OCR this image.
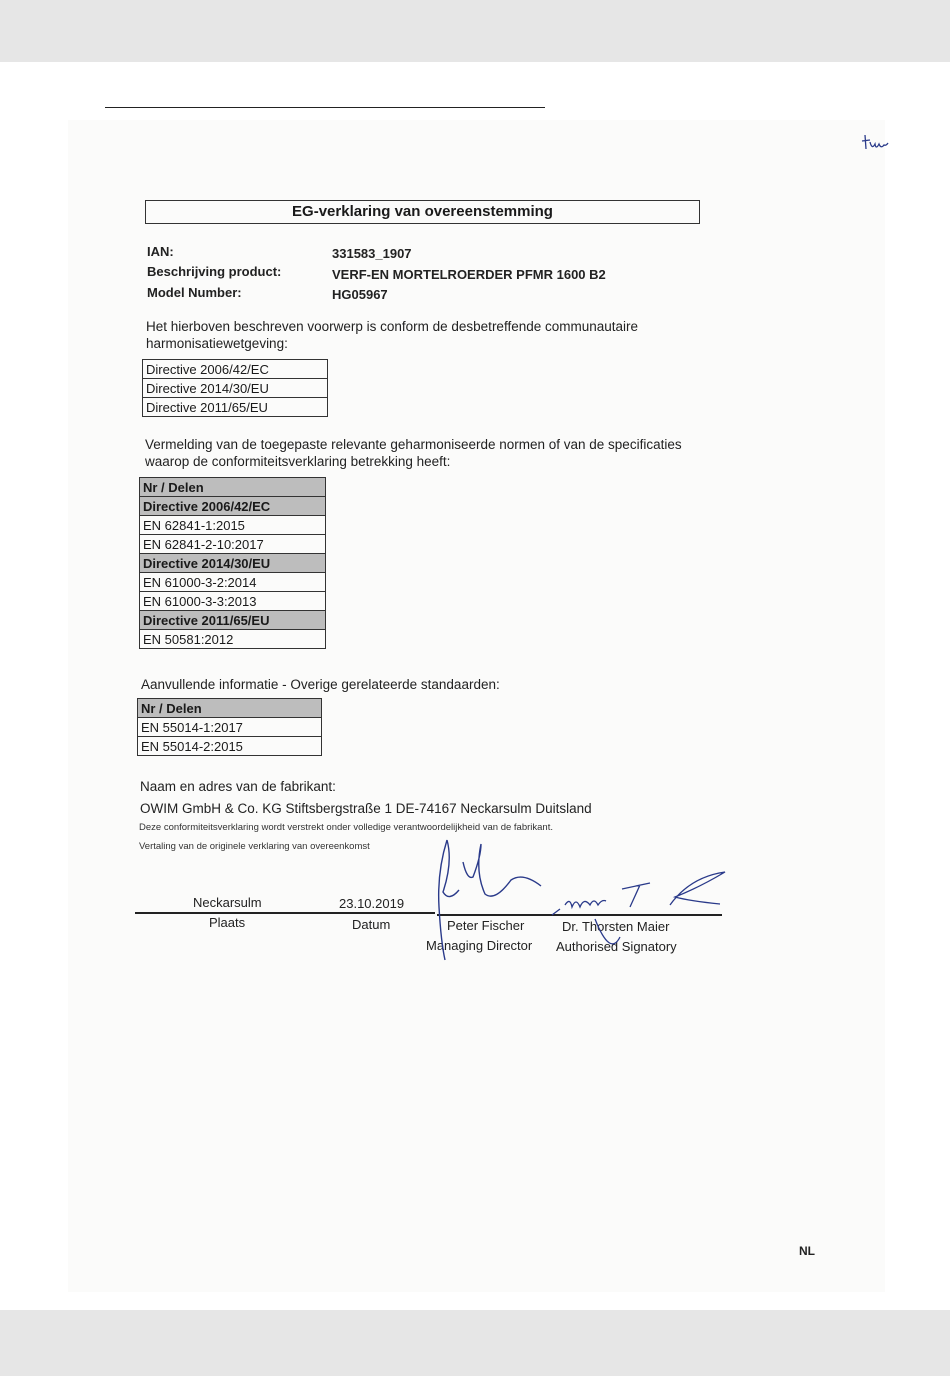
EG-verklaring van overeenstemming
IAN:	331583_1907
Beschrijving product:	VERF-EN MORTELROERDER PFMR 1600 B2
Model Number:	HG05967
Het hierboven beschreven voorwerp is conform de desbetreffende communautaire
harmonisatiewetgeving:
Directive 2006/42/EC
Directive 2014/30/EU
Directive 2011/65/EU
Vermelding van de toegepaste relevante geharmoniseerde normen of van de specificaties
waarop de conformiteitsverklaring betrekking heeft:
Nr / Delen
Directive 2006/42/EC
EN 62841-1:2015
EN 62841-2-10:2017
Directive 2014/30/EU
EN 61000-3-2:2014
EN 61000-3-3:2013
Directive 2011/65/EU
EN 50581:2012
Aanvullende informatie - Overige gerelateerde standaarden:
Nr / Delen
EN 55014-1:2017
EN 55014-2:2015
Naam en adres van de fabrikant:
OWIM GmbH & Co. KG Stiftsbergstraße 1 DE-74167 Neckarsulm Duitsland
Deze conformiteitsverklaring wordt verstrekt onder volledige verantwoordelijkheid van de fabrikant.
Vertaling van de originele verklaring van overeenkomst
Neckarsulm	23.10.2019
Plaats	Datum	Peter Fischer
Managing Director
Dr. Thorsten Maier
Authorised Signatory
NL
